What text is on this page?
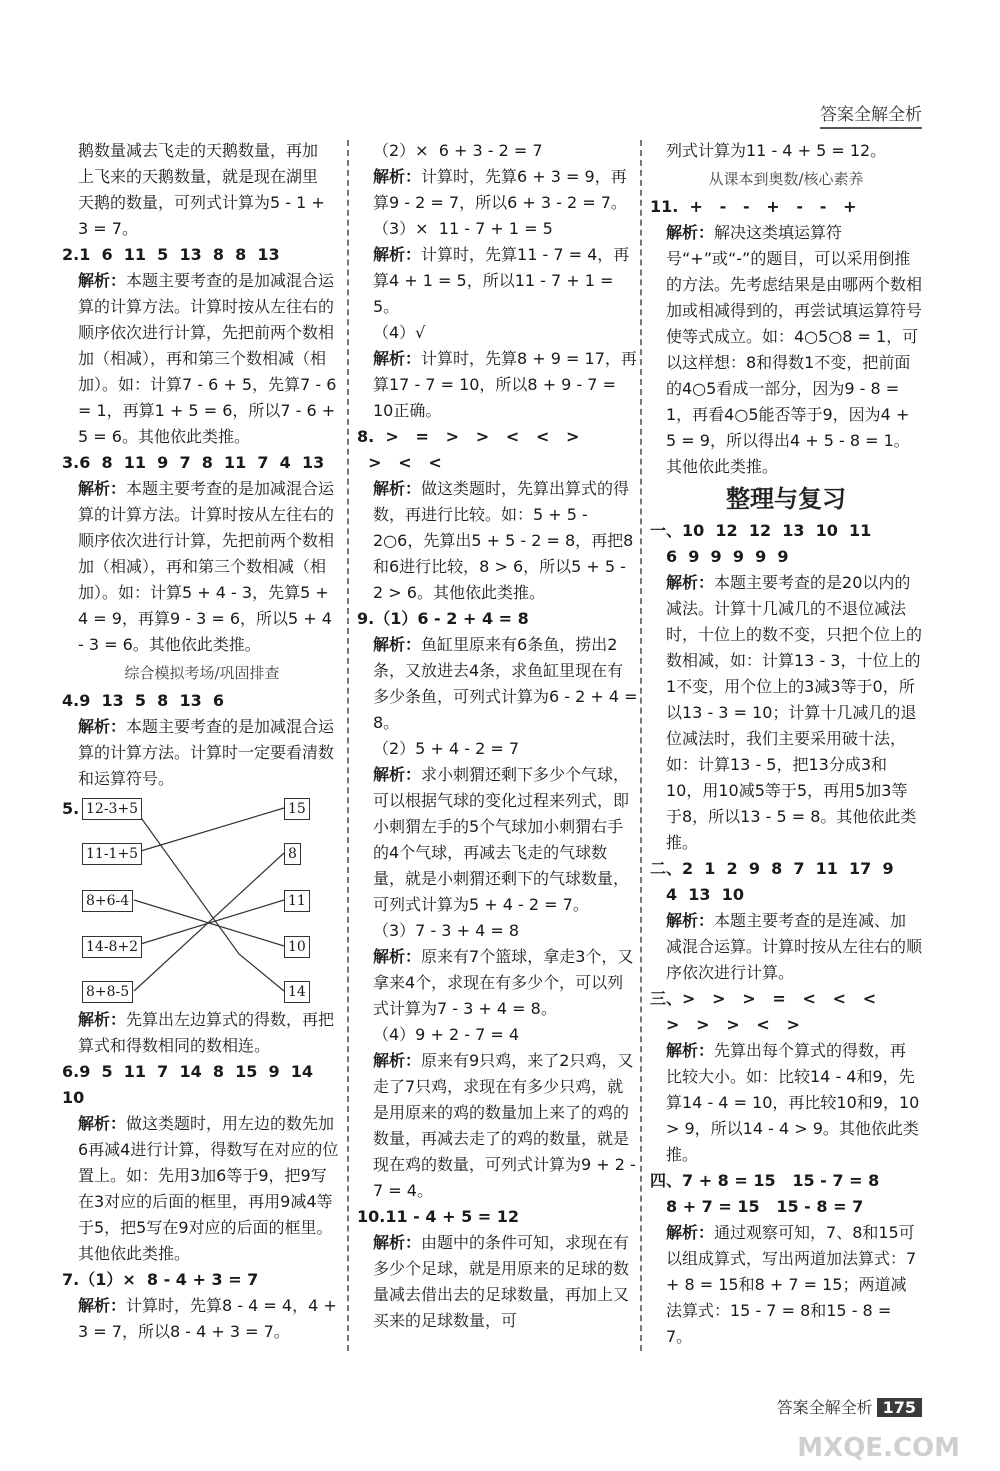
答案全解全析

鹅数量减去飞走的天鹅数量，再加

上飞来的天鹅数量，就是现在湖里

天鹅的数量，可列式计算为5 - 1 +

3 = 7。

2.1  6  11  5  13  8  8  13

解析：本题主要考查的是加减混合运算的计算方法。计算时按从左往右的顺序依次进行计算，先把前两个数相加（相减），再和第三个数相减（相加）。如：计算7 - 6 + 5，先算7 - 6 = 1，再算1 + 5 = 6，所以7 - 6 + 5 = 6。其他依此类推。

3.6  8  11  9  7  8  11  7  4  13

解析：本题主要考查的是加减混合运算的计算方法。计算时按从左往右的顺序依次进行计算，先把前两个数相加（相减），再和第三个数相减（相加）。如：计算5 + 4 - 3，先算5 + 4 = 9，再算9 - 3 = 6，所以5 + 4 - 3 = 6。其他依此类推。

综合模拟考场/巩固排查

4.9  13  5  8  13  6

解析：本题主要考查的是加减混合运算的计算方法。计算时一定要看清数和运算符号。

5. 12-3+5
11-1+5
8+6-4
14-8+2
8+8-5
15
8
11
10
14

解析：先算出左边算式的得数，再把算式和得数相同的数相连。

6.9  5  11  7  14  8  15  9  14  10

解析：做这类题时，用左边的数先加6再减4进行计算，得数写在对应的位置上。如：先用3加6等于9，把9写在3对应的后面的框里，再用9减4等于5，把5写在9对应的后面的框里。其他依此类推。

7.（1）×  8 - 4 + 3 = 7

解析：计算时，先算8 - 4 = 4，4 + 3 = 7，所以8 - 4 + 3 = 7。

（2）×  6 + 3 - 2 = 7

解析：计算时，先算6 + 3 = 9，再算9 - 2 = 7，所以6 + 3 - 2 = 7。

（3）×  11 - 7 + 1 = 5

解析：计算时，先算11 - 7 = 4，再算4 + 1 = 5，所以11 - 7 + 1 = 5。

（4）√

解析：计算时，先算8 + 9 = 17，再算17 - 7 = 10，所以8 + 9 - 7 = 10正确。

8.  >   =   >   >   <   <   >

>   <   <

解析：做这类题时，先算出算式的得数，再进行比较。如：5 + 5 - 2○6，先算出5 + 5 - 2 = 8，再把8和6进行比较，8 > 6，所以5 + 5 - 2 > 6。其他依此类推。

9.（1）6 - 2 + 4 = 8

解析：鱼缸里原来有6条鱼，捞出2条，又放进去4条，求鱼缸里现在有多少条鱼，可列式计算为6 - 2 + 4 = 8。

（2）5 + 4 - 2 = 7

解析：求小刺猬还剩下多少个气球，可以根据气球的变化过程来列式，即小刺猬左手的5个气球加小刺猬右手的4个气球，再减去飞走的气球数量，就是小刺猬还剩下的气球数量，可列式计算为5 + 4 - 2 = 7。

（3）7 - 3 + 4 = 8

解析：原来有7个篮球，拿走3个，又拿来4个，求现在有多少个，可以列式计算为7 - 3 + 4 = 8。

（4）9 + 2 - 7 = 4

解析：原来有9只鸡，来了2只鸡，又走了7只鸡，求现在有多少只鸡，就是用原来的鸡的数量加上来了的鸡的数量，再减去走了的鸡的数量，就是现在鸡的数量，可列式计算为9 + 2 - 7 = 4。

10.11 - 4 + 5 = 12

解析：由题中的条件可知，求现在有多少个足球，就是用原来的足球的数量减去借出去的足球数量，再加上又买来的足球数量，可

列式计算为11 - 4 + 5 = 12。

从课本到奥数/核心素养

11.  +   -   -   +   -   -   +

解析：解决这类填运算符号“+”或“-”的题目，可以采用倒推的方法。先考虑结果是由哪两个数相加或相减得到的，再尝试填运算符号使等式成立。如：4○5○8 = 1，可以这样想：8和得数1不变，把前面的4○5看成一部分，因为9 - 8 = 1，再看4○5能否等于9，因为4 + 5 = 9，所以得出4 + 5 - 8 = 1。其他依此类推。

整理与复习

一、10  12  12  13  10  11

6  9  9  9  9  9

解析：本题主要考查的是20以内的减法。计算十几减几的不退位减法时，十位上的数不变，只把个位上的数相减，如：计算13 - 3，十位上的1不变，用个位上的3减3等于0，所以13 - 3 = 10；计算十几减几的退位减法时，我们主要采用破十法，如：计算13 - 5，把13分成3和10，用10减5等于5，再用5加3等于8，所以13 - 5 = 8。其他依此类推。

二、2  1  2  9  8  7  11  17  9

4  13  10

解析：本题主要考查的是连减、加减混合运算。计算时按从左往右的顺序依次进行计算。

三、>   >   >   =   <   <   <

>   >   >   <   >

解析：先算出每个算式的得数，再比较大小。如：比较14 - 4和9，先算14 - 4 = 10，再比较10和9，10 > 9，所以14 - 4 > 9。其他依此类推。

四、7 + 8 = 15   15 - 7 = 8

8 + 7 = 15   15 - 8 = 7

解析：通过观察可知，7、8和15可以组成算式，写出两道加法算式：7 + 8 = 15和8 + 7 = 15；两道减法算式：15 - 7 = 8和15 - 8 = 7。

答案全解全析 175
MXQE.COM
